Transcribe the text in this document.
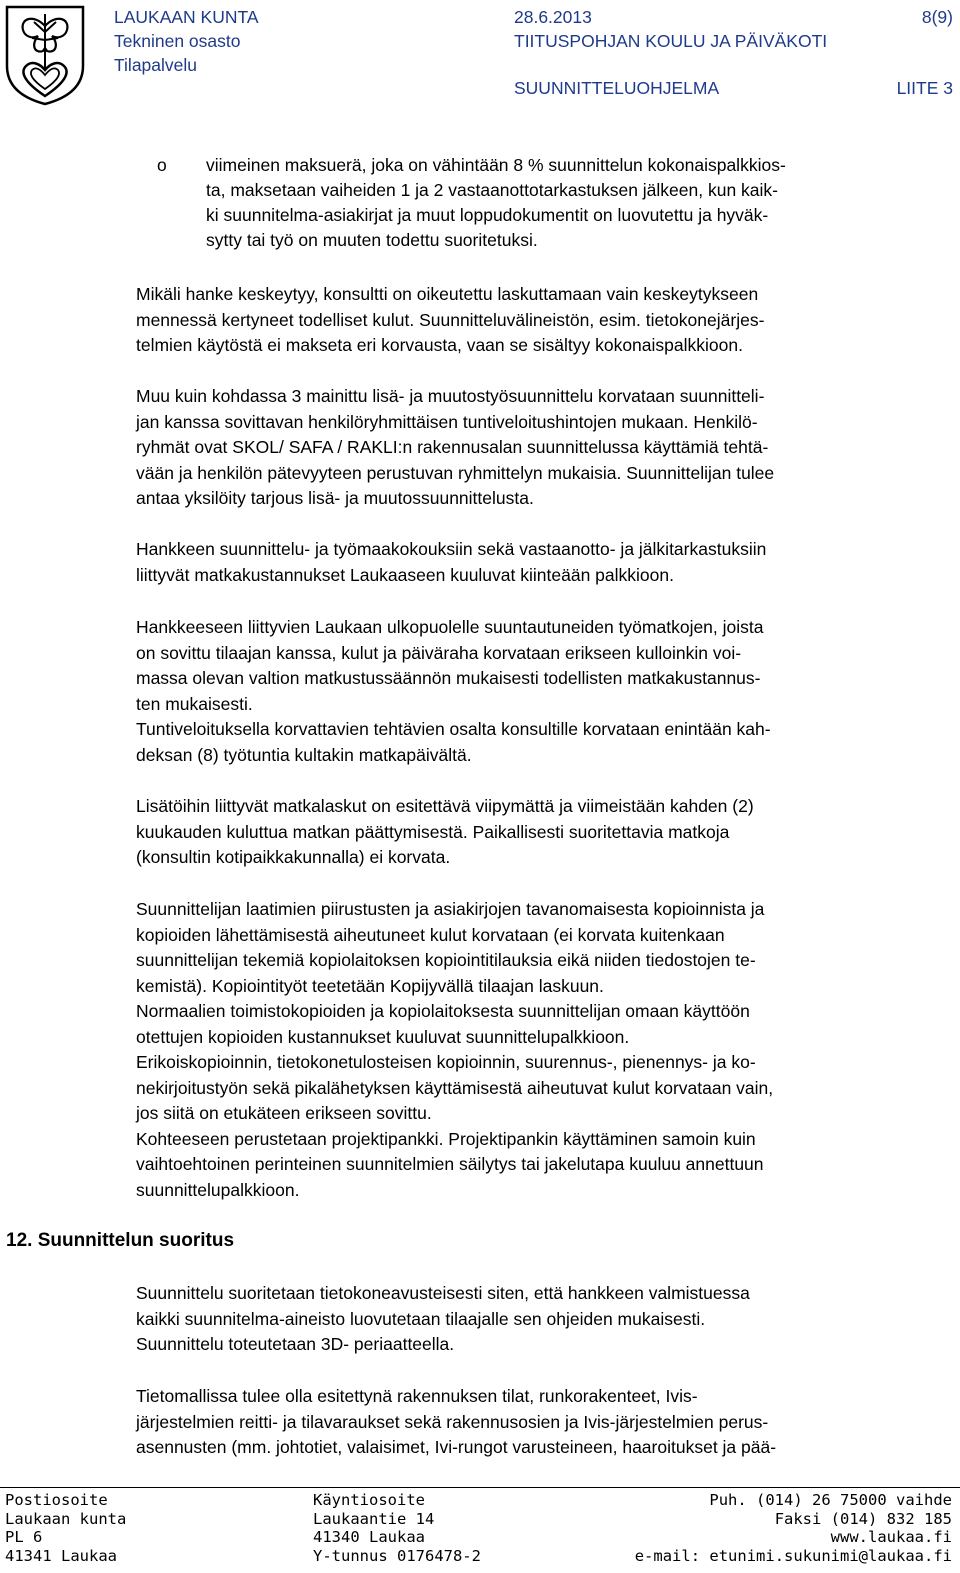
LAUKAAN KUNTA
Tekninen osasto
Tilapalvelu
28.6.2013
TIITUSPOHJAN KOULU JA PÄIVÄKOTI
SUUNNITTELUOHJELMA
8(9)
LIITE 3
o viimeinen maksuerä, joka on vähintään 8 % suunnittelun kokonaispalkkios-
ta, maksetaan vaiheiden 1 ja 2 vastaanottotarkastuksen jälkeen, kun kaik-
ki suunnitelma-asiakirjat ja muut loppudokumentit on luovutettu ja hyväk-
sytty tai työ on muuten todettu suoritetuksi.
Mikäli hanke keskeytyy, konsultti on oikeutettu laskuttamaan vain keskeytykseen
mennessä kertyneet todelliset kulut. Suunnitteluvälineistön, esim. tietokonejärjes-
telmien käytöstä ei makseta eri korvausta, vaan se sisältyy kokonaispalkkioon.
Muu kuin kohdassa 3 mainittu lisä- ja muutostyösuunnittelu korvataan suunnitteli-
jan kanssa sovittavan henkilöryhmittäisen tuntiveloitushintojen mukaan. Henkilö-
ryhmät ovat SKOL/ SAFA / RAKLI:n rakennusalan suunnittelussa käyttämiä tehtä-
vään ja henkilön pätevyyteen perustuvan ryhmittelyn mukaisia. Suunnittelijan tulee
antaa yksilöity tarjous lisä- ja muutossuunnittelusta.
Hankkeen suunnittelu- ja työmaakokouksiin sekä vastaanotto- ja jälkitarkastuksiin
liittyvät matkakustannukset Laukaaseen kuuluvat kiinteään palkkioon.
Hankkeeseen liittyvien Laukaan ulkopuolelle suuntautuneiden työmatkojen, joista
on sovittu tilaajan kanssa, kulut ja päiväraha korvataan erikseen kulloinkin voi-
massa olevan valtion matkustussäännön mukaisesti todellisten matkakustannus-
ten mukaisesti.
Tuntiveloituksella korvattavien tehtävien osalta konsultille korvataan enintään kah-
deksan (8) työtuntia kultakin matkapäivältä.
Lisätöihin liittyvät matkalaskut on esitettävä viipymättä ja viimeistään kahden (2)
kuukauden kuluttua matkan päättymisestä. Paikallisesti suoritettavia matkoja
(konsultin kotipaikkakunnalla) ei korvata.
Suunnittelijan laatimien piirustusten ja asiakirjojen tavanomaisesta kopioinnista ja
kopioiden lähettämisestä aiheutuneet kulut korvataan (ei korvata kuitenkaan
suunnittelijan tekemiä kopiolaitoksen kopiointitilauksia eikä niiden tiedostojen te-
kemistä). Kopiointityöt teetetään Kopijyvällä tilaajan laskuun.
Normaalien toimistokopioiden ja kopiolaitoksesta suunnittelijan omaan käyttöön
otettujen kopioiden kustannukset kuuluvat suunnittelupalkkioon.
Erikoiskopioinnin, tietokonetulosteisen kopioinnin, suurennus-, pienennys- ja ko-
nekirjoitustyön sekä pikalähetyksen käyttämisestä aiheutuvat kulut korvataan vain,
jos siitä on etukäteen erikseen sovittu.
Kohteeseen perustetaan projektipankki. Projektipankin käyttäminen samoin kuin
vaihtoehtoinen perinteinen suunnitelmien säilytys tai jakelutapa kuuluu annettuun
suunnittelupalkkioon.
12. Suunnittelun suoritus
Suunnittelu suoritetaan tietokoneavusteisesti siten, että hankkeen valmistuessa
kaikki suunnitelma-aineisto luovutetaan tilaajalle sen ohjeiden mukaisesti.
Suunnittelu toteutetaan 3D- periaatteella.
Tietomallissa tulee olla esitettynä rakennuksen tilat, runkorakenteet, Ivis-
järjestelmien reitti- ja tilavaraukset sekä rakennusosien ja Ivis-järjestelmien perus-
asennusten (mm. johtotiet, valaisimet, Ivi-rungot varusteineen, haaroitukset ja pää-
Postiosoite
Laukaan kunta
PL 6
41341 Laukaa
Käyntiosoite
Laukaantie 14
41340 Laukaa
Y-tunnus 0176478-2
Puh. (014) 26 75000 vaihde
Faksi (014) 832 185
www.laukaa.fi
e-mail: etunimi.sukunimi@laukaa.fi
